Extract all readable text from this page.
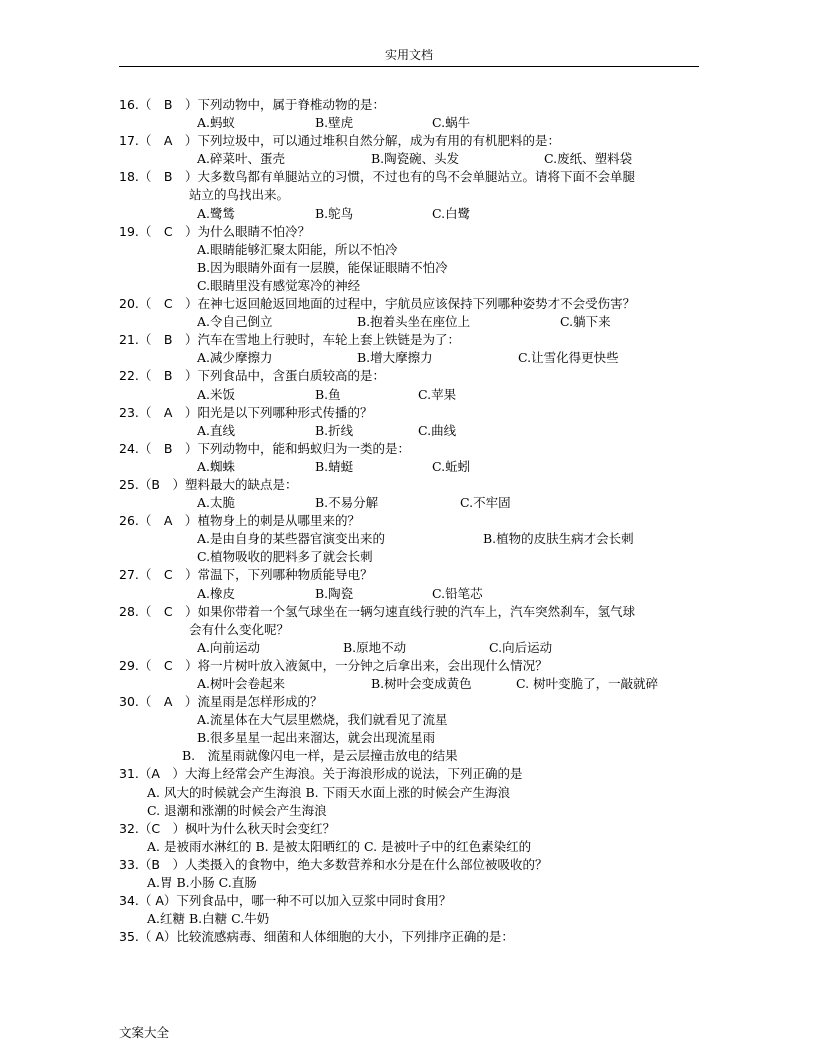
实用文档
16.（　B　）下列动物中，属于脊椎动物的是：
A.蚂蚁	B.壁虎	C.蜗牛
17.（　A　）下列垃圾中，可以通过堆积自然分解，成为有用的有机肥料的是：
A.碎菜叶、蛋壳	B.陶瓷碗、头发	C.废纸、塑料袋
18.（　B　）大多数鸟都有单腿站立的习惯，不过也有的鸟不会单腿站立。请将下面不会单腿
站立的鸟找出来。
A.鹭鸶	B.鸵鸟	C.白鹭
19.（　C　）为什么眼睛不怕冷？
A.眼睛能够汇聚太阳能，所以不怕冷
B.因为眼睛外面有一层膜，能保证眼睛不怕冷
C.眼睛里没有感觉寒冷的神经
20.（　C　）在神七返回舱返回地面的过程中，宇航员应该保持下列哪种姿势才不会受伤害？
A.令自己倒立	B.抱着头坐在座位上	C.躺下来
21.（　B　）汽车在雪地上行驶时，车轮上套上铁链是为了：
A.减少摩擦力	B.增大摩擦力	C.让雪化得更快些
22.（　B　）下列食品中，含蛋白质较高的是：
A.米饭	B.鱼	C.苹果
23.（　A　）阳光是以下列哪种形式传播的？
A.直线	B.折线	C.曲线
24.（　B　）下列动物中，能和蚂蚁归为一类的是：
A.蜘蛛	B.蜻蜓	C.蚯蚓
25.（B　）塑料最大的缺点是：
A.太脆	B.不易分解	C.不牢固
26.（　A　）植物身上的刺是从哪里来的？
A.是由自身的某些器官演变出来的	B.植物的皮肤生病才会长刺
C.植物吸收的肥料多了就会长刺
27.（　C　）常温下，下列哪种物质能导电？
A.橡皮	B.陶瓷	C.铅笔芯
28.（　C　）如果你带着一个氢气球坐在一辆匀速直线行驶的汽车上，汽车突然刹车，氢气球
会有什么变化呢？
A.向前运动	B.原地不动	C.向后运动
29.（　C　）将一片树叶放入液氮中，一分钟之后拿出来，会出现什么情况？
A.树叶会卷起来	B.树叶会变成黄色	C. 树叶变脆了，一敲就碎
30.（　A　）流星雨是怎样形成的？
A.流星体在大气层里燃烧，我们就看见了流星
B.很多星星一起出来溜达，就会出现流星雨
B.　流星雨就像闪电一样，是云层撞击放电的结果
31.（A　）大海上经常会产生海浪。关于海浪形成的说法，下列正确的是
A. 风大的时候就会产生海浪 B. 下雨天水面上涨的时候会产生海浪
C. 退潮和涨潮的时候会产生海浪
32.（C　）枫叶为什么秋天时会变红？
A. 是被雨水淋红的 B. 是被太阳晒红的 C. 是被叶子中的红色素染红的
33.（B　）人类摄入的食物中，绝大多数营养和水分是在什么部位被吸收的？
A.胃 B.小肠 C.直肠
34.（ A）下列食品中，哪一种不可以加入豆浆中同时食用？
A.红糖 B.白糖 C.牛奶
35.（ A）比较流感病毒、细菌和人体细胞的大小，下列排序正确的是：
文案大全
